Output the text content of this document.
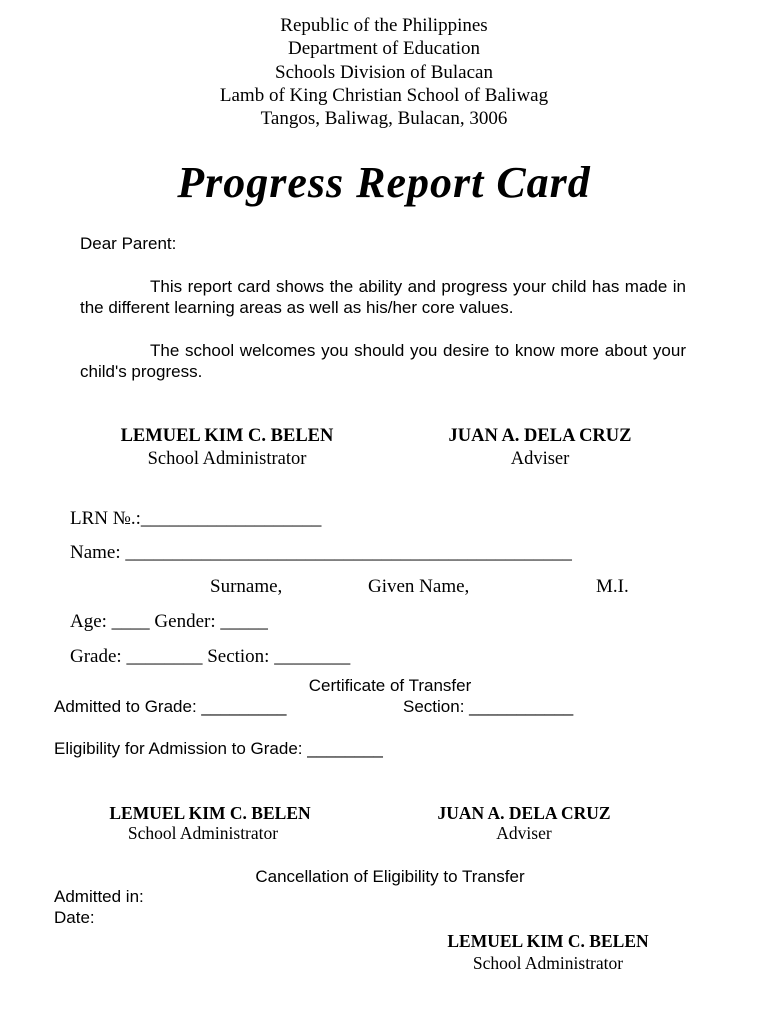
Republic of the Philippines
Department of Education
Schools Division of Bulacan
Lamb of King Christian School of Baliwag
Tangos, Baliwag, Bulacan, 3006
Progress Report Card
Dear Parent:
This report card shows the ability and progress your child has made in the different learning areas as well as his/her core values.
The school welcomes you should you desire to know more about your child's progress.
LEMUEL KIM C. BELEN
School Administrator
JUAN A. DELA CRUZ
Adviser
LRN №.:___________________
Name: _______________________________________________
Surname,	Given Name,	M.I.
Age: ____ Gender: _____
Grade: ________ Section: ________
Certificate of Transfer
Admitted to Grade: _________	Section: ___________
Eligibility for Admission to Grade: ________
LEMUEL KIM C. BELEN
School Administrator
JUAN A. DELA CRUZ
Adviser
Cancellation of Eligibility to Transfer
Admitted in:
Date:
LEMUEL KIM C. BELEN
School Administrator
